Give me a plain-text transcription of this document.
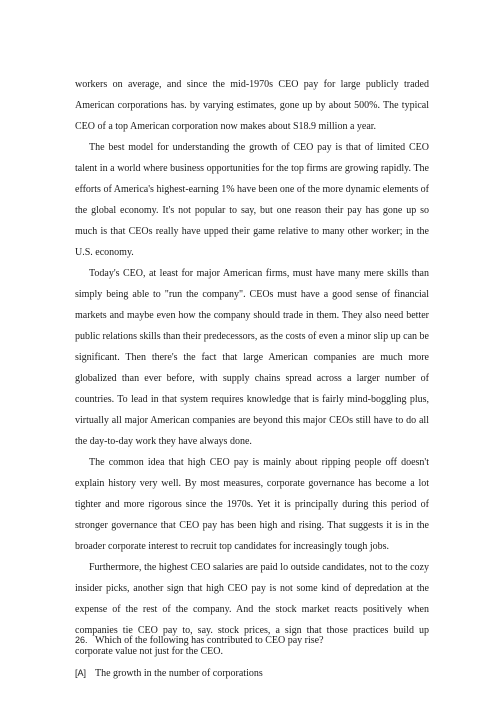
workers on average, and since the mid-1970s CEO pay for large publicly traded American corporations has. by varying estimates, gone up by about 500%. The typical CEO of a top American corporation now makes about S18.9 million a year.

The best model for understanding the growth of CEO pay is that of limited CEO talent in a world where business opportunities for the top firms are growing rapidly. The efforts of America's highest-earning 1% have been one of the more dynamic elements of the global economy. It's not popular to say, but one reason their pay has gone up so much is that CEOs really have upped their game relative to many other worker; in the U.S. economy.

Today's CEO, at least for major American firms, must have many mere skills than simply being able to "run the company". CEOs must have a good sense of financial markets and maybe even how the company should trade in them. They also need better public relations skills than their predecessors, as the costs of even a minor slip up can be significant. Then there's the fact that large American companies are much more globalized than ever before, with supply chains spread across a larger number of countries. To lead in that system requires knowledge that is fairly mind-boggling plus, virtually all major American companies are beyond this major CEOs still have to do all the day-to-day work they have always done.

The common idea that high CEO pay is mainly about ripping people off doesn't explain history very well. By most measures, corporate governance has become a lot tighter and more rigorous since the 1970s. Yet it is principally during this period of stronger governance that CEO pay has been high and rising. That suggests it is in the broader corporate interest to recruit top candidates for increasingly tough jobs.

Furthermore, the highest CEO salaries are paid lo outside candidates, not to the cozy insider picks, another sign that high CEO pay is not some kind of depredation at the expense of the rest of the company. And the stock market reacts positively when companies tie CEO pay to, say. stock prices, a sign that those practices build up corporate value not just for the CEO.

26. Which of the following has contributed to CEO pay rise?
[A] The growth in the number of corporations
